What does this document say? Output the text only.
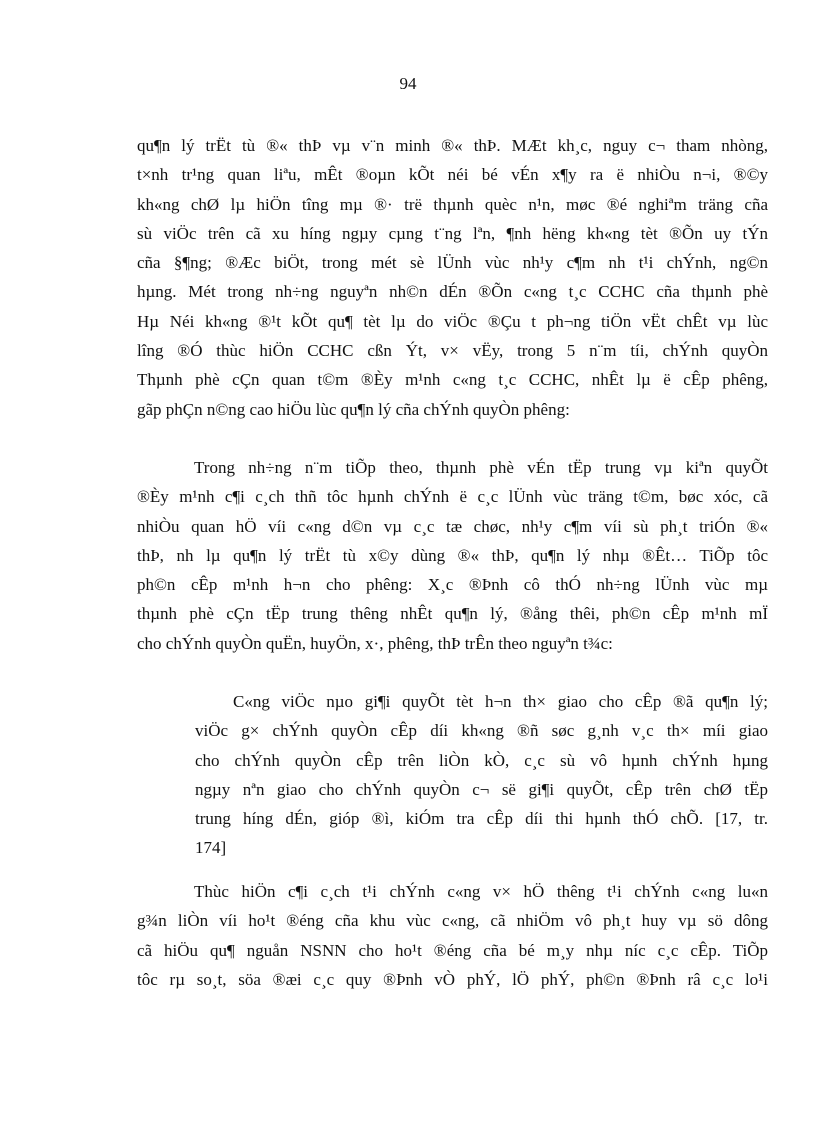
94
qu¶n lý trËt tù ®« thÞ vµ v¨n minh ®« thÞ. MÆt kh¸c, nguy c¬ tham nhòng,
t×nh tr¹ng quan liªu, mÊt ®oµn kÕt néi bé vÉn x¶y ra ë nhiÒu n¬i, ®©y
kh«ng chØ lµ hiÖn tîng mµ ®· trë thµnh quèc n¹n, møc ®é nghiªm träng cña
sù viÖc trên cã xu híng ngµy cµng t¨ng lªn, ¶nh hëng kh«ng tèt ®Õn uy tÝn
cña §¶ng; ®Æc biÖt, trong mét sè lÜnh vùc nh¹y c¶m nh t¹i chÝnh, ng©n
hµng. Mét trong nh÷ng nguyªn nh©n dÉn ®Õn c«ng t¸c CCHC cña thµnh phè
Hµ Néi kh«ng ®¹t kÕt qu¶ tèt lµ do viÖc ®Çu t ph¬ng tiÖn vËt chÊt vµ lùc
lîng ®Ó thùc hiÖn CCHC cßn Ýt, v× vËy, trong 5 n¨m tíi, chÝnh quyÒn
Thµnh phè cÇn quan t©m ®Èy m¹nh c«ng t¸c CCHC, nhÊt lµ ë cÊp phêng,
gãp phÇn n©ng cao hiÖu lùc qu¶n lý cña chÝnh quyÒn phêng:
Trong nh÷ng n¨m tiÕp theo, thµnh phè vÉn tËp trung vµ kiªn quyÕt
®Èy m¹nh c¶i c¸ch thñ tôc hµnh chÝnh ë c¸c lÜnh vùc träng t©m, bøc xóc, cã
nhiÒu quan hÖ víi c«ng d©n vµ c¸c tæ chøc, nh¹y c¶m víi sù ph¸t triÓn ®«
thÞ, nh lµ qu¶n lý trËt tù x©y dùng ®« thÞ, qu¶n lý nhµ ®Êt… TiÕp tôc
ph©n cÊp m¹nh h¬n cho phêng: X¸c ®Þnh cô thÓ nh÷ng lÜnh vùc mµ
thµnh phè cÇn tËp trung thêng nhÊt qu¶n lý, ®ång thêi, ph©n cÊp m¹nh mÏ
cho chÝnh quyÒn quËn, huyÖn, x·, phêng, thÞ trÊn theo nguyªn t¾c:
C«ng viÖc nµo gi¶i quyÕt tèt h¬n th× giao cho cÊp ®ã qu¶n lý;
viÖc g× chÝnh quyÒn cÊp díi kh«ng ®ñ søc g¸nh v¸c th× míi giao
cho chÝnh quyÒn cÊp trên liÒn kÒ, c¸c sù vô hµnh chÝnh hµng
ngµy nªn giao cho chÝnh quyÒn c¬ së gi¶i quyÕt, cÊp trên chØ tËp
trung híng dÉn, gióp ®ì, kiÓm tra cÊp díi thi hµnh thÓ chÕ. [17, tr.
174]
Thùc hiÖn c¶i c¸ch t¹i chÝnh c«ng v× hÖ thêng t¹i chÝnh c«ng lu«n
g¾n liÒn víi ho¹t ®éng cña khu vùc c«ng, cã nhiÖm vô ph¸t huy vµ sö dông
cã hiÖu qu¶ nguån NSNN cho ho¹t ®éng cña bé m¸y nhµ níc c¸c cÊp. TiÕp
tôc rµ so¸t, söa ®æi c¸c quy ®Þnh vÒ phÝ, lÖ phÝ, ph©n ®Þnh râ c¸c lo¹i
